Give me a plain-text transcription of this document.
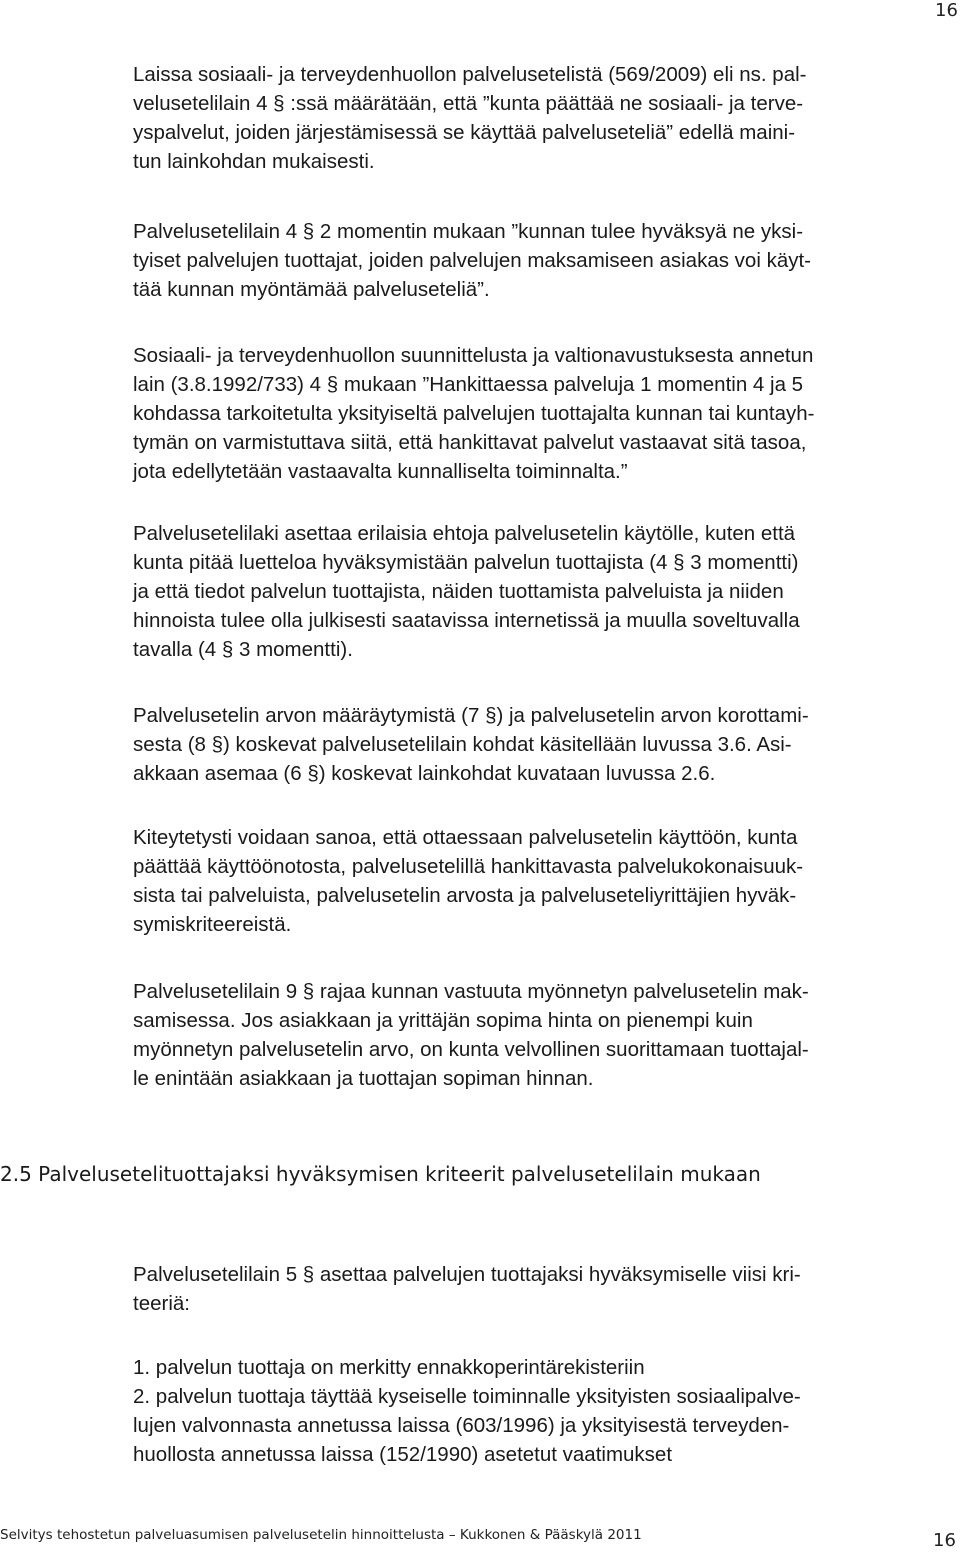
16

Laissa sosiaali- ja terveydenhuollon palvelusetelistä (569/2009) eli ns. pal-
velusetelilain 4 § :ssä määrätään, että ”kunta päättää ne sosiaali- ja terve-
yspalvelut, joiden järjestämisessä se käyttää palveluseteliä” edellä maini-
tun lainkohdan mukaisesti.

Palvelusetelilain 4 § 2 momentin mukaan ”kunnan tulee hyväksyä ne yksi-
tyiset palvelujen tuottajat, joiden palvelujen maksamiseen asiakas voi käyt-
tää kunnan myöntämää palveluseteliä”.

Sosiaali- ja terveydenhuollon suunnittelusta ja valtionavustuksesta annetun
lain (3.8.1992/733) 4 § mukaan ”Hankittaessa palveluja 1 momentin 4 ja 5
kohdassa tarkoitetulta yksityiseltä palvelujen tuottajalta kunnan tai kuntayh-
tymän on varmistuttava siitä, että hankittavat palvelut vastaavat sitä tasoa,
jota edellytetään vastaavalta kunnalliselta toiminnalta.”

Palvelusetelilaki asettaa erilaisia ehtoja palvelusetelin käytölle, kuten että
kunta pitää luetteloa hyväksymistään palvelun tuottajista (4 § 3 momentti)
ja että tiedot palvelun tuottajista, näiden tuottamista palveluista ja niiden
hinnoista tulee olla julkisesti saatavissa internetissä ja muulla soveltuvalla
tavalla (4 § 3 momentti).

Palvelusetelin arvon määräytymistä (7 §) ja palvelusetelin arvon korottami-
sesta (8 §) koskevat palvelusetelilain kohdat käsitellään luvussa 3.6. Asi-
akkaan asemaa (6 §) koskevat lainkohdat kuvataan luvussa 2.6.

Kiteytetysti voidaan sanoa, että ottaessaan palvelusetelin käyttöön, kunta
päättää käyttöönotosta, palvelusetelillä hankittavasta palvelukokonaisuuk-
sista tai palveluista, palvelusetelin arvosta ja palveluseteliyrittäjien hyväk-
symiskriteereistä.

Palvelusetelilain 9 § rajaa kunnan vastuuta myönnetyn palvelusetelin mak-
samisessa. Jos asiakkaan ja yrittäjän sopima hinta on pienempi kuin
myönnetyn palvelusetelin arvo, on kunta velvollinen suorittamaan tuottajal-
le enintään asiakkaan ja tuottajan sopiman hinnan.

2.5 Palvelusetelituottajaksi hyväksymisen kriteerit palvelusetelilain mukaan

Palvelusetelilain 5 § asettaa palvelujen tuottajaksi hyväksymiselle viisi kri-
teeriä:

1. palvelun tuottaja on merkitty ennakkoperintärekisteriin
2. palvelun tuottaja täyttää kyseiselle toiminnalle yksityisten sosiaalipalve-
lujen valvonnasta annetussa laissa (603/1996) ja yksityisestä terveyden-
huollosta annetussa laissa (152/1990) asetetut vaatimukset

Selvitys tehostetun palveluasumisen palvelusetelin hinnoittelusta – Kukkonen & Pääskylä 2011	16
